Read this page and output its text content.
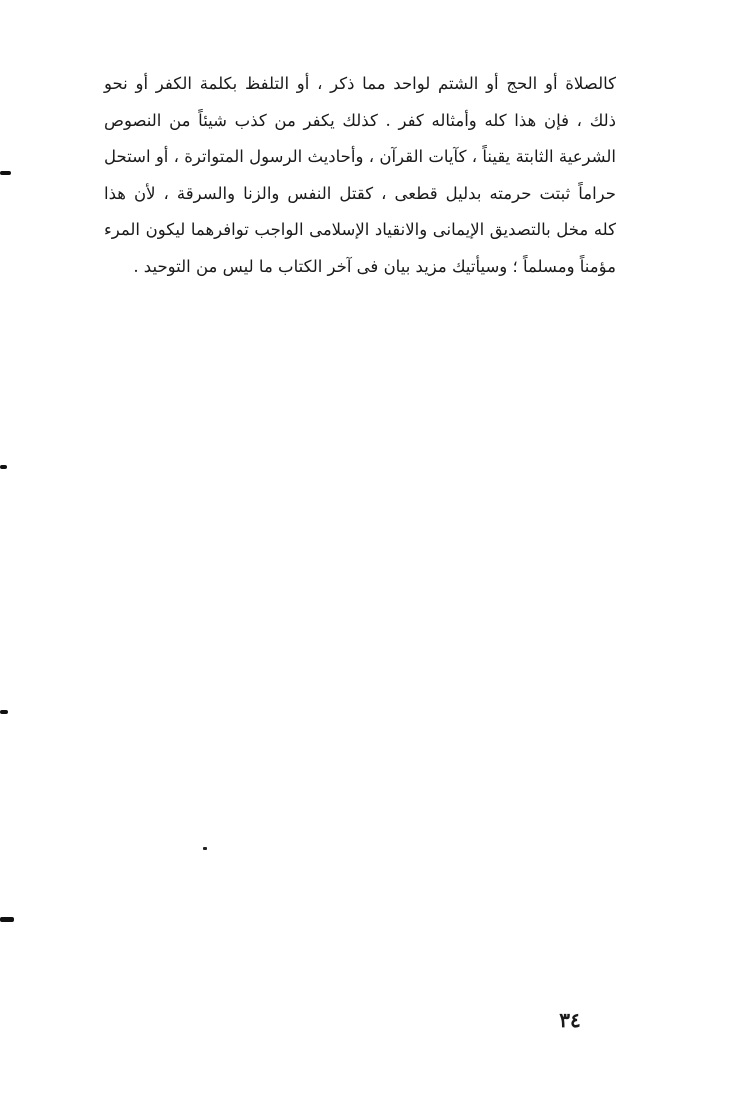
كالصلاة أو الحج أو الشتم لواحد مما ذكر ، أو التلفظ بكلمة الكفر أو نحو
ذلك ، فإن هذا كله وأمثاله كفر . كذلك يكفر من كذب شيئاً من النصوص
الشرعية الثابتة يقيناً ، كآيات القرآن ، وأحاديث الرسول المتواترة ، أو استحل
حراماً ثبتت حرمته بدليل قطعى ، كقتل النفس والزنا والسرقة ، لأن هذا
كله مخل بالتصديق الإيمانى والانقياد الإسلامى الواجب توافرهما ليكون المرء
مؤمناً ومسلماً ؛ وسيأتيك مزيد بيان فى آخر الكتاب ما ليس من التوحيد .
٣٤
